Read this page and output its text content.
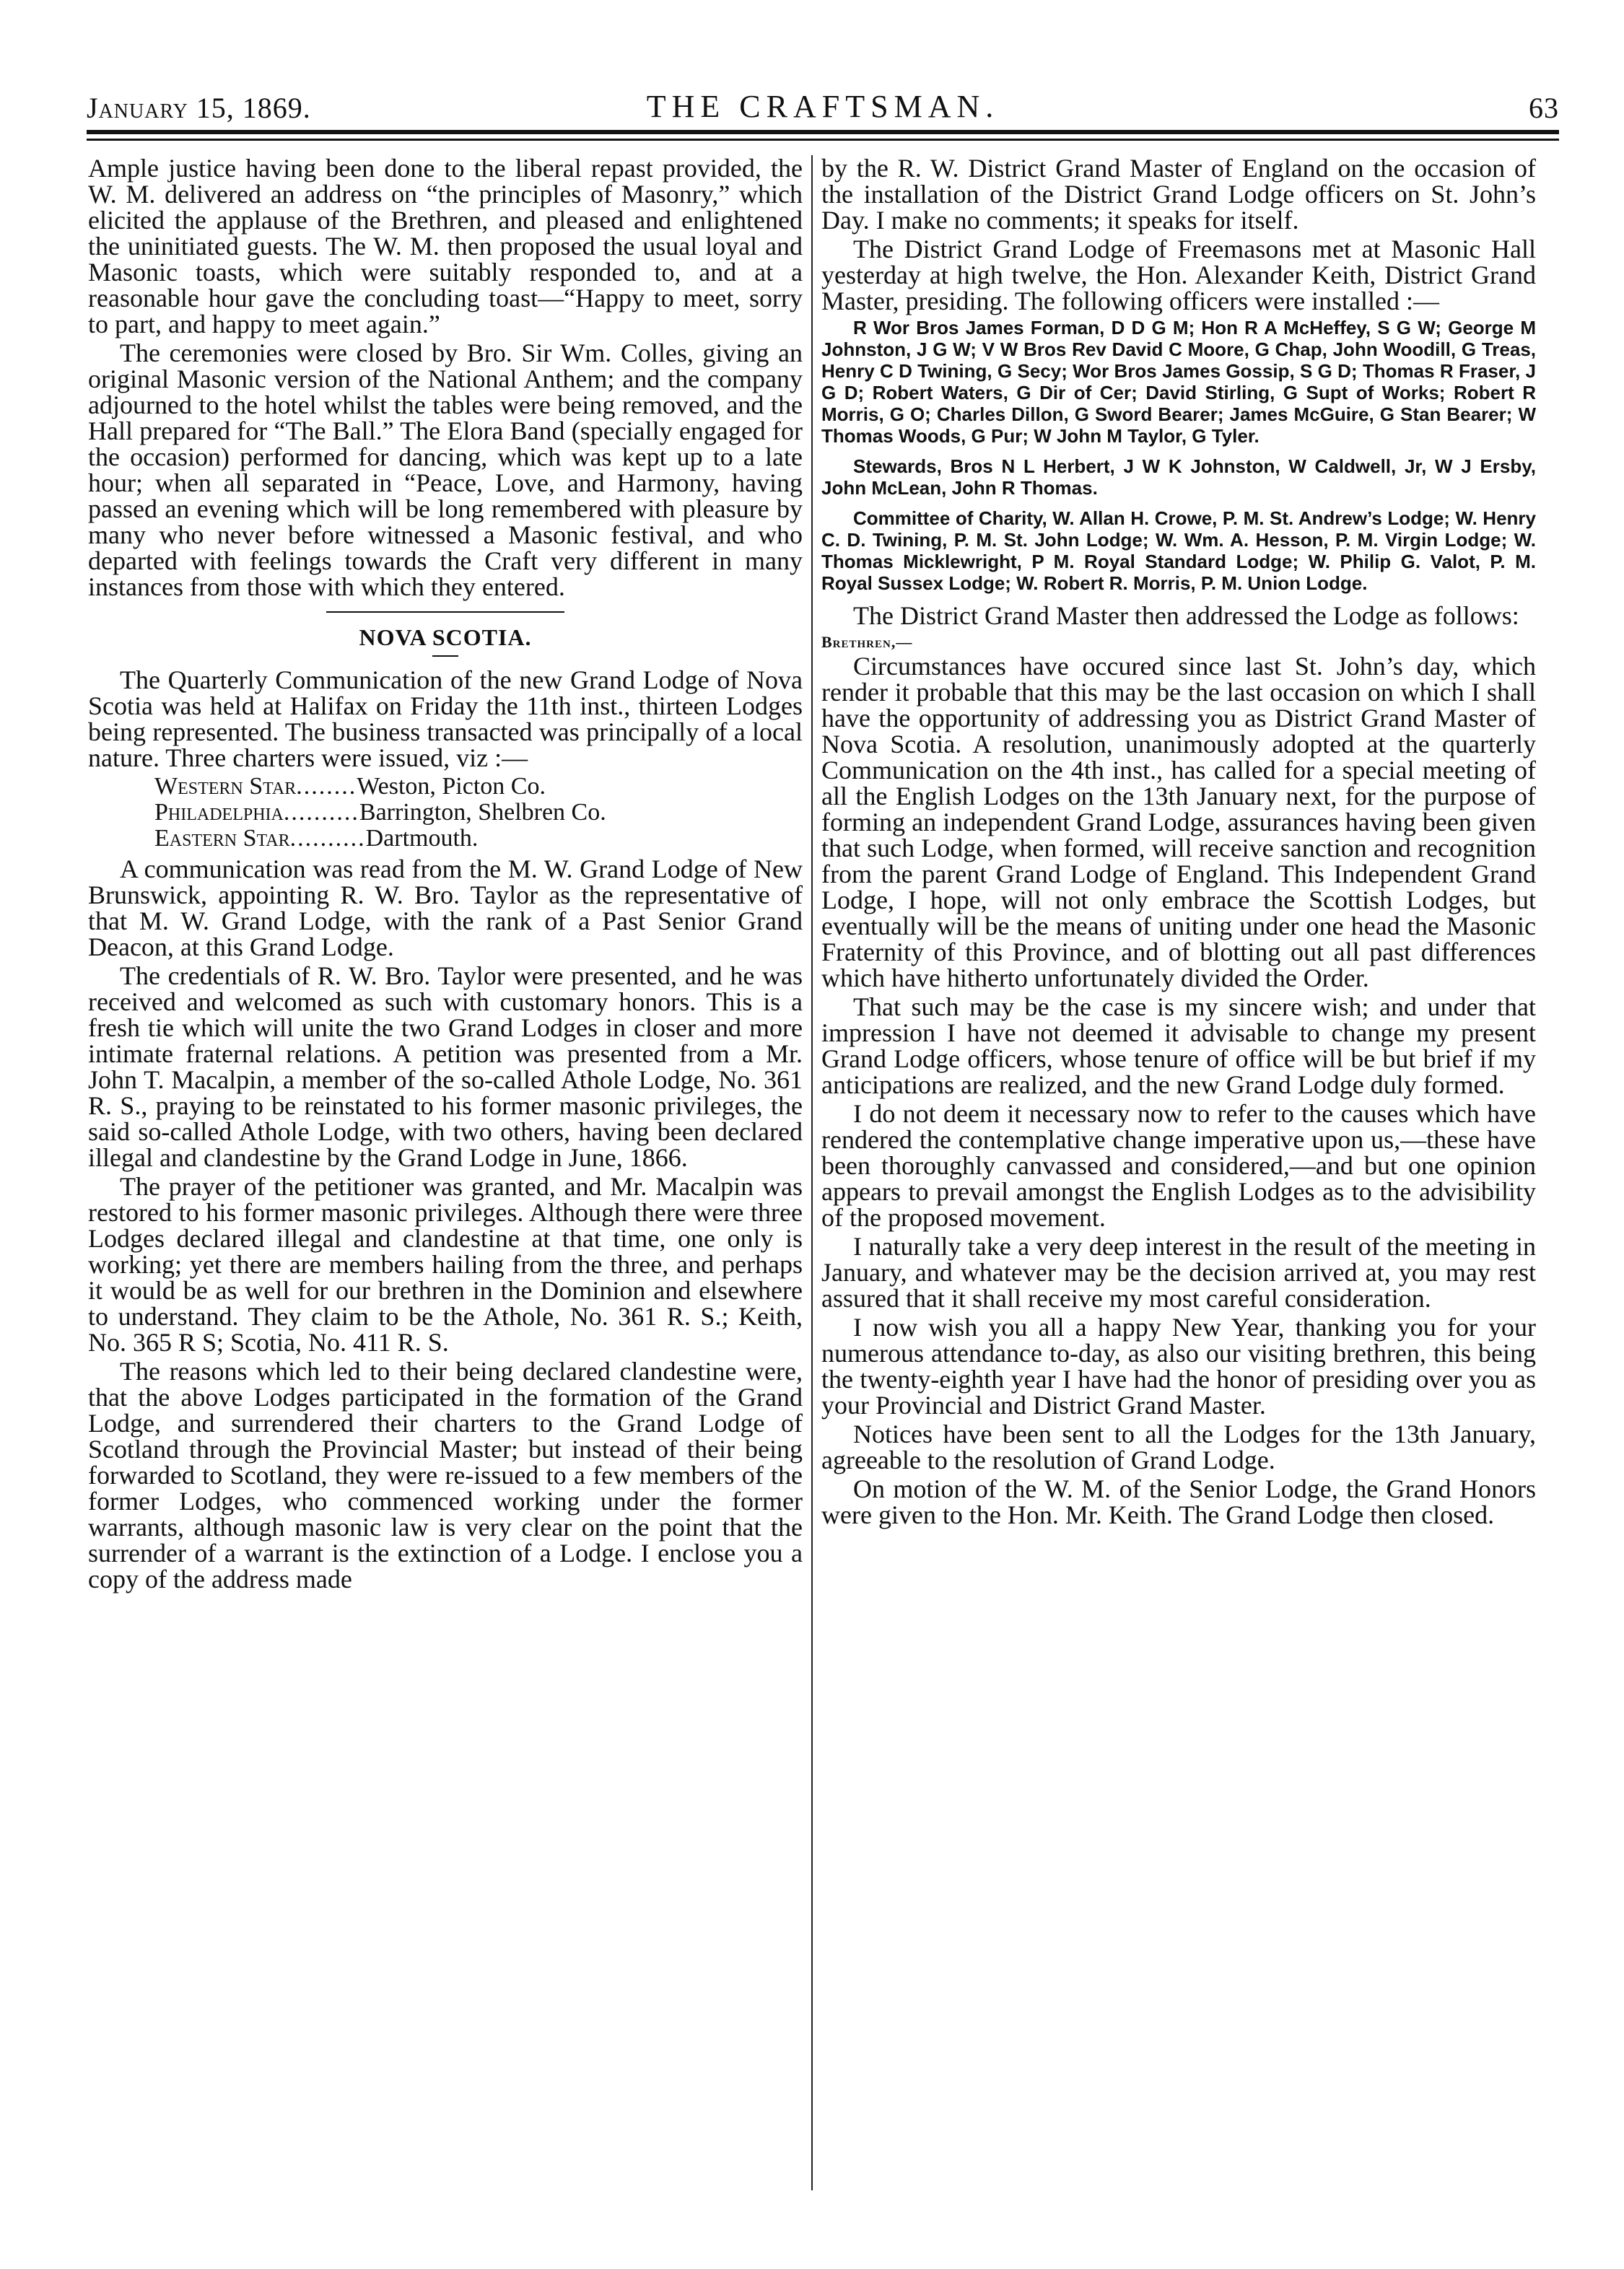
January 15, 1869.	THE CRAFTSMAN.	63

Ample justice having been done to the liberal repast provided, the W. M. delivered an address on “the principles of Masonry,” which elicited the applause of the Brethren, and pleased and enlightened the uninitiated guests. The W. M. then proposed the usual loyal and Masonic toasts, which were suitably responded to, and at a reasonable hour gave the concluding toast—“Happy to meet, sorry to part, and happy to meet again.”

The ceremonies were closed by Bro. Sir Wm. Colles, giving an original Masonic version of the National Anthem; and the company adjourned to the hotel whilst the tables were being removed, and the Hall prepared for “The Ball.” The Elora Band (specially engaged for the occasion) performed for dancing, which was kept up to a late hour; when all separated in “Peace, Love, and Harmony, having passed an evening which will be long remembered with pleasure by many who never before witnessed a Masonic festival, and who departed with feelings towards the Craft very different in many instances from those with which they entered.

NOVA SCOTIA.

The Quarterly Communication of the new Grand Lodge of Nova Scotia was held at Halifax on Friday the 11th inst., thirteen Lodges being represented. The business transacted was principally of a local nature. Three charters were issued, viz :—

Western Star ........ Weston, Picton Co.
Philadelphia .......... Barrington, Shelbren Co.
Eastern Star .......... Dartmouth.

A communication was read from the M. W. Grand Lodge of New Brunswick, appointing R. W. Bro. Taylor as the representative of that M. W. Grand Lodge, with the rank of a Past Senior Grand Deacon, at this Grand Lodge.

The credentials of R. W. Bro. Taylor were presented, and he was received and welcomed as such with customary honors. This is a fresh tie which will unite the two Grand Lodges in closer and more intimate fraternal relations. A petition was presented from a Mr. John T. Macalpin, a member of the so-called Athole Lodge, No. 361 R. S., praying to be reinstated to his former masonic privileges, the said so-called Athole Lodge, with two others, having been declared illegal and clandestine by the Grand Lodge in June, 1866.

The prayer of the petitioner was granted, and Mr. Macalpin was restored to his former masonic privileges. Although there were three Lodges declared illegal and clandestine at that time, one only is working; yet there are members hailing from the three, and perhaps it would be as well for our brethren in the Dominion and elsewhere to understand. They claim to be the Athole, No. 361 R. S.; Keith, No. 365 R S; Scotia, No. 411 R. S.

The reasons which led to their being declared clandestine were, that the above Lodges participated in the formation of the Grand Lodge, and surrendered their charters to the Grand Lodge of Scotland through the Provincial Master; but instead of their being forwarded to Scotland, they were re-issued to a few members of the former Lodges, who commenced working under the former warrants, although masonic law is very clear on the point that the surrender of a warrant is the extinction of a Lodge. I enclose you a copy of the address made

by the R. W. District Grand Master of England on the occasion of the installation of the District Grand Lodge officers on St. John’s Day. I make no comments; it speaks for itself.

The District Grand Lodge of Freemasons met at Masonic Hall yesterday at high twelve, the Hon. Alexander Keith, District Grand Master, presiding. The following officers were installed :—

R Wor Bros James Forman, D D G M; Hon R A McHeffey, S G W; George M Johnston, J G W; V W Bros Rev David C Moore, G Chap, John Woodill, G Treas, Henry C D Twining, G Secy; Wor Bros James Gossip, S G D; Thomas R Fraser, J G D; Robert Waters, G Dir of Cer; David Stirling, G Supt of Works; Robert R Morris, G O; Charles Dillon, G Sword Bearer; James McGuire, G Stan Bearer; W Thomas Woods, G Pur; W John M Taylor, G Tyler.

Stewards, Bros N L Herbert, J W K Johnston, W Caldwell, Jr, W J Ersby, John McLean, John R Thomas.

Committee of Charity, W. Allan H. Crowe, P. M. St. Andrew’s Lodge; W. Henry C. D. Twining, P. M. St. John Lodge; W. Wm. A. Hesson, P. M. Virgin Lodge; W. Thomas Micklewright, P M. Royal Standard Lodge; W. Philip G. Valot, P. M. Royal Sussex Lodge; W. Robert R. Morris, P. M. Union Lodge.

The District Grand Master then addressed the Lodge as follows:

Brethren,—

Circumstances have occured since last St. John’s day, which render it probable that this may be the last occasion on which I shall have the opportunity of addressing you as District Grand Master of Nova Scotia. A resolution, unanimously adopted at the quarterly Communication on the 4th inst., has called for a special meeting of all the English Lodges on the 13th January next, for the purpose of forming an independent Grand Lodge, assurances having been given that such Lodge, when formed, will receive sanction and recognition from the parent Grand Lodge of England. This Independent Grand Lodge, I hope, will not only embrace the Scottish Lodges, but eventually will be the means of uniting under one head the Masonic Fraternity of this Province, and of blotting out all past differences which have hitherto unfortunately divided the Order.

That such may be the case is my sincere wish; and under that impression I have not deemed it advisable to change my present Grand Lodge officers, whose tenure of office will be but brief if my anticipations are realized, and the new Grand Lodge duly formed.

I do not deem it necessary now to refer to the causes which have rendered the contemplative change imperative upon us,—these have been thoroughly canvassed and considered,—and but one opinion appears to prevail amongst the English Lodges as to the advisibility of the proposed movement.

I naturally take a very deep interest in the result of the meeting in January, and whatever may be the decision arrived at, you may rest assured that it shall receive my most careful consideration.

I now wish you all a happy New Year, thanking you for your numerous attendance to-day, as also our visiting brethren, this being the twenty-eighth year I have had the honor of presiding over you as your Provincial and District Grand Master.

Notices have been sent to all the Lodges for the 13th January, agreeable to the resolution of Grand Lodge.

On motion of the W. M. of the Senior Lodge, the Grand Honors were given to the Hon. Mr. Keith. The Grand Lodge then closed.
